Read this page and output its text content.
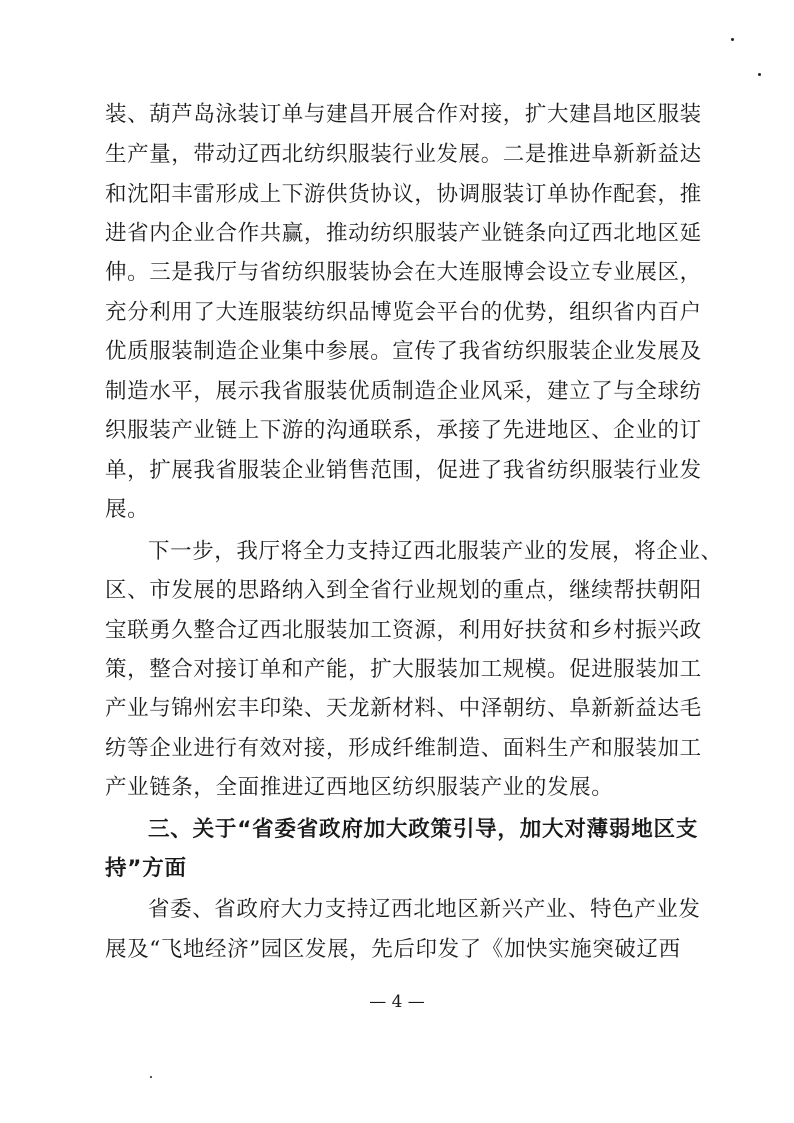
装、葫芦岛泳装订单与建昌开展合作对接，扩大建昌地区服装
生产量，带动辽西北纺织服装行业发展。二是推进阜新新益达
和沈阳丰雷形成上下游供货协议，协调服装订单协作配套，推
进省内企业合作共赢，推动纺织服装产业链条向辽西北地区延
伸。三是我厅与省纺织服装协会在大连服博会设立专业展区，
充分利用了大连服装纺织品博览会平台的优势，组织省内百户
优质服装制造企业集中参展。宣传了我省纺织服装企业发展及
制造水平，展示我省服装优质制造企业风采，建立了与全球纺
织服装产业链上下游的沟通联系，承接了先进地区、企业的订
单，扩展我省服装企业销售范围，促进了我省纺织服装行业发
展。
下一步，我厅将全力支持辽西北服装产业的发展，将企业、
区、市发展的思路纳入到全省行业规划的重点，继续帮扶朝阳
宝联勇久整合辽西北服装加工资源，利用好扶贫和乡村振兴政
策，整合对接订单和产能，扩大服装加工规模。促进服装加工
产业与锦州宏丰印染、天龙新材料、中泽朝纺、阜新新益达毛
纺等企业进行有效对接，形成纤维制造、面料生产和服装加工
产业链条，全面推进辽西地区纺织服装产业的发展。
三、关于“省委省政府加大政策引导，加大对薄弱地区支
持”方面
省委、省政府大力支持辽西北地区新兴产业、特色产业发
展及“飞地经济”园区发展，先后印发了《加快实施突破辽西
— 4 —
